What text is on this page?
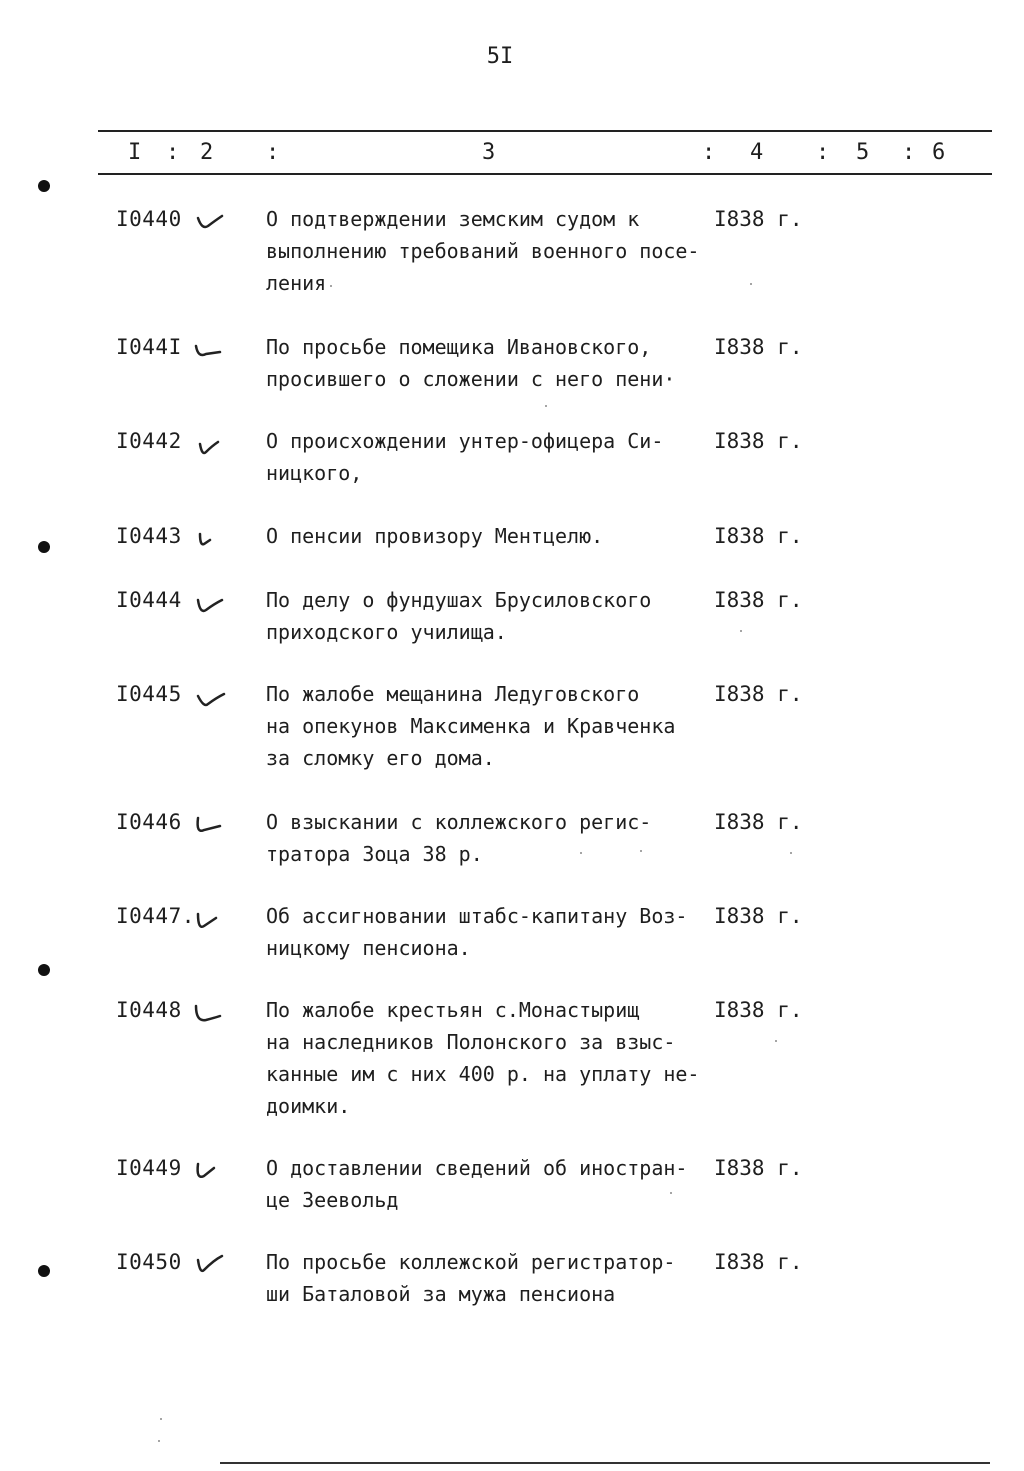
5I
I : 2 :	3	: 4 : 5 : 6
I0440	О подтверждении земским судом к
выполнению требований военного посе-
ления
I838 г.
I044I	По просьбе помещика Ивановского,
просившего о сложении с него пени·
I838 г.
I0442	О происхождении унтер-офицера Си-
ницкого,
I838 г.
I0443	О пенсии провизору Ментцелю.	I838 г.
I0444	По делу о фундушах Брусиловского
приходского училища.
I838 г.
I0445	По жалобе мещанина Ледуговского
на опекунов Максименка и Кравченка
за сломку его дома.
I838 г.
I0446	О взыскании с коллежского регис-
тратора Зоца 38 р.
I838 г.
I0447.	Об ассигновании штабс-капитану Воз-
ницкому пенсиона.
I838 г.
I0448	По жалобе крестьян с.Монастырищ
на наследников Полонского за взыс-
канные им с них 400 р. на уплату не-
доимки.
I838 г.
I0449	О доставлении сведений об иностран-
це Зеевольд
I838 г.
I0450	По просьбе коллежской регистратор-
ши Баталовой за мужа пенсиона
I838 г.
